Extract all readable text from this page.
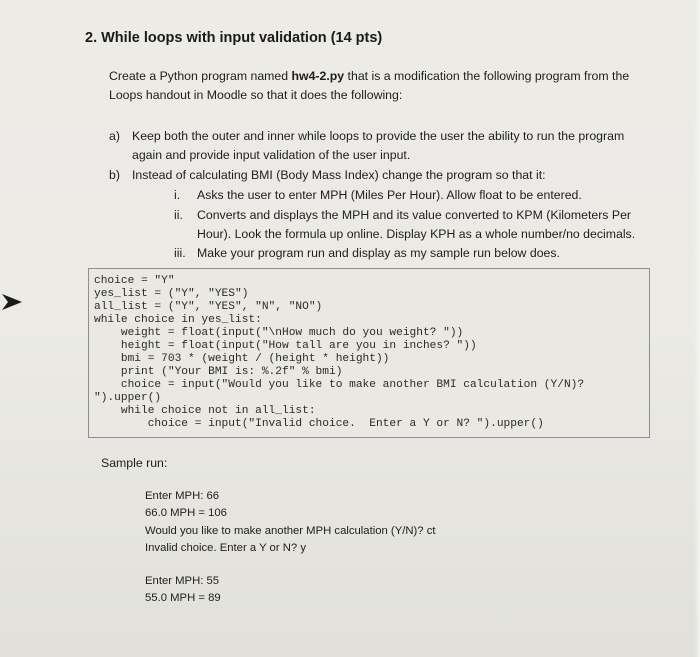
2. While loops with input validation (14 pts)
Create a Python program named hw4-2.py that is a modification the following program from the Loops handout in Moodle so that it does the following:
a) Keep both the outer and inner while loops to provide the user the ability to run the program
again and provide input validation of the user input.
b) Instead of calculating BMI (Body Mass Index) change the program so that it:
i. Asks the user to enter MPH (Miles Per Hour). Allow float to be entered.
ii. Converts and displays the MPH and its value converted to KPM (Kilometers Per
Hour). Look the formula up online. Display KPH as a whole number/no decimals.
iii. Make your program run and display as my sample run below does.
choice = "Y"
yes_list = ("Y", "YES")
all_list = ("Y", "YES", "N", "NO")
while choice in yes_list:
weight = float(input("\nHow much do you weight? "))
height = float(input("How tall are you in inches? "))
bmi = 703 * (weight / (height * height))
print ("Your BMI is: %.2f" % bmi)
choice = input("Would you like to make another BMI calculation (Y/N)?
").upper()
while choice not in all_list:
choice = input("Invalid choice.  Enter a Y or N? ").upper()
Sample run:
Enter MPH: 66
66.0 MPH = 106
Would you like to make another MPH calculation (Y/N)? ct
Invalid choice. Enter a Y or N? y
Enter MPH: 55
55.0 MPH = 89
